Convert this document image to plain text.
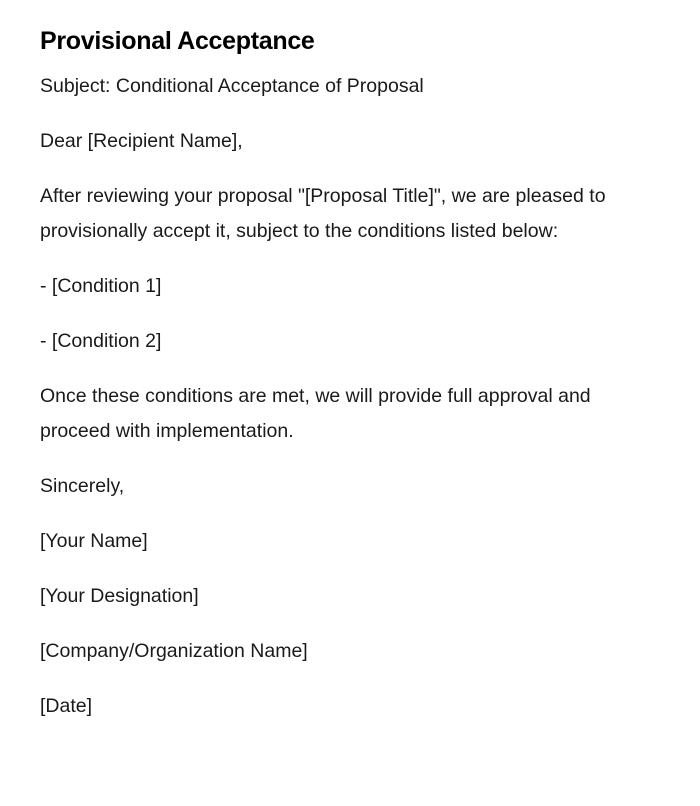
Provisional Acceptance

Subject: Conditional Acceptance of Proposal

Dear [Recipient Name],

After reviewing your proposal "[Proposal Title]", we are pleased to provisionally accept it, subject to the conditions listed below:

- [Condition 1]

- [Condition 2]

Once these conditions are met, we will provide full approval and proceed with implementation.

Sincerely,

[Your Name]

[Your Designation]

[Company/Organization Name]

[Date]
